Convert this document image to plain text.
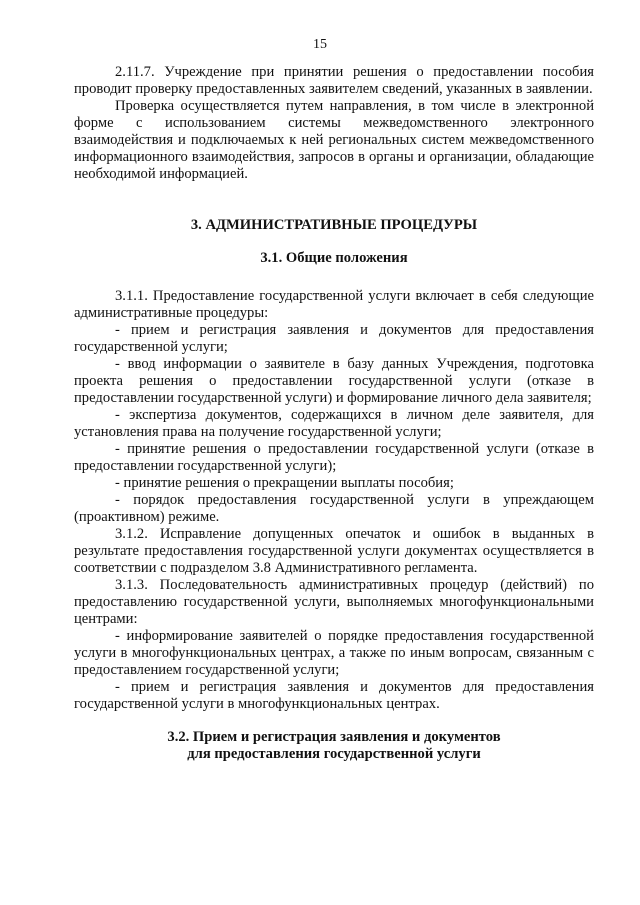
15

2.11.7. Учреждение при принятии решения о предоставлении пособия проводит проверку предоставленных заявителем сведений, указанных в заявлении.

Проверка осуществляется путем направления, в том числе в электронной форме с использованием системы межведомственного электронного взаимодействия и подключаемых к ней региональных систем межведомственного информационного взаимодействия, запросов в органы и организации, обладающие необходимой информацией.

3. АДМИНИСТРАТИВНЫЕ ПРОЦЕДУРЫ

3.1. Общие положения

3.1.1. Предоставление государственной услуги включает в себя следующие административные процедуры:

- прием и регистрация заявления и документов для предоставления государственной услуги;

- ввод информации о заявителе в базу данных Учреждения, подготовка проекта решения о предоставлении государственной услуги (отказе в предоставлении государственной услуги) и формирование личного дела заявителя;

- экспертиза документов, содержащихся в личном деле заявителя, для установления права на получение государственной услуги;

- принятие решения о предоставлении государственной услуги (отказе в предоставлении государственной услуги);

- принятие решения о прекращении выплаты пособия;

- порядок предоставления государственной услуги в упреждающем (проактивном) режиме.

3.1.2. Исправление допущенных опечаток и ошибок в выданных в результате предоставления государственной услуги документах осуществляется в соответствии с подразделом 3.8 Административного регламента.

3.1.3. Последовательность административных процедур (действий) по предоставлению государственной услуги, выполняемых многофункциональными центрами:

- информирование заявителей о порядке предоставления государственной услуги в многофункциональных центрах, а также по иным вопросам, связанным с предоставлением государственной услуги;

- прием и регистрация заявления и документов для предоставления государственной услуги в многофункциональных центрах.

3.2. Прием и регистрация заявления и документов
для предоставления государственной услуги
